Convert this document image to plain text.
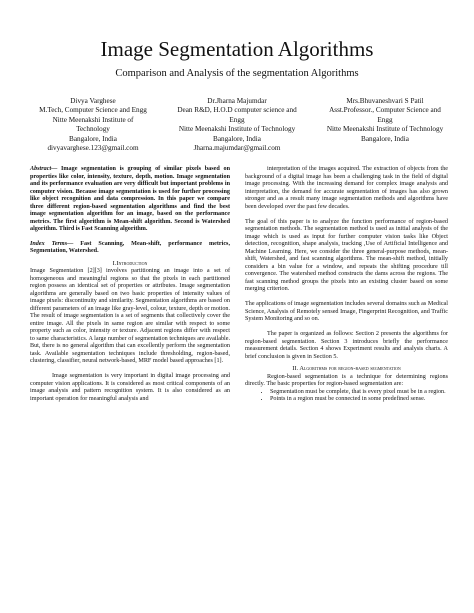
Image Segmentation Algorithms
Comparison and Analysis of the segmentation Algorithms
Divya Varghese
M.Tech, Computer Science and Engg
Nitte Meenakshi Institute of
Technology
Bangalore, India
divyavarghese.123@gmail.com
Dr.Jharna Majumdar
Dean R&D, H.O.D computer science and
Engg
Nitte Meenakshi Institute of Technology
Bangalore, India
Jharna.majumdar@gmail.com
Mrs.Bhuvaneshvari S Patil
Asst.Professor., Computer Science and
Engg
Nitte Meenakshi Institute of Technology
Bangalore, India

Abstract— Image segmentation is grouping of similar pixels based on properties like color, intensity, texture, depth, motion. Image segmentation and its performance evaluation are very difficult but important problems in computer vision. Because image segmentation is used for further processing like object recognition and data compression. In this paper we compare three different region-based segmentation algorithms and find the best image segmentation algorithm for an image, based on the performance metrics. The first algorithm is Mean-shift algorithm. Second is Watershed algorithm. Third is Fast Scanning algorithm.

Index Terms— Fast Scanning, Mean-shift, performance metrics, Segmentation, Watershed.

I.Introduction

Image Segmentation [2][3] involves partitioning an image into a set of homogeneous and meaningful regions so that the pixels in each partitioned region possess an identical set of properties or attributes. Image segmentation algorithms are generally based on two basic properties of intensity values of image pixels: discontinuity and similarity. Segmentation algorithms are based on different parameters of an image like gray-level, colour, texture, depth or motion. The result of image segmentation is a set of segments that collectively cover the entire image. All the pixels in same region are similar with respect to some property such as color, intensity or texture. Adjacent regions differ with respect to same characteristics. A large number of segmentation techniques are available. But, there is no general algorithm that can excellently perform the segmentation task. Available segmentation techniques include thresholding, region-based, clustering, classifier, neural network-based, MRF model based approaches [1].

Image segmentation is very important in digital image processing and computer vision applications. It is considered as most critical components of an image analysis and pattern recognition system. It is also considered as an important operation for meaningful analysis and

interpretation of the images acquired. The extraction of objects from the background of a digital image has been a challenging task in the field of digital image processing. With the increasing demand for complex image analysis and interpretation, the demand for accurate segmentation of images has also grown stronger and as a result many image segmentation methods and algorithms have been developed over the past few decades.

The goal of this paper is to analyze the function performance of region-based segmentation methods. The segmentation method is used as initial analysis of the image which is used as input for further computer vision tasks like Object detection, recognition, shape analysis, tracking ,Use of Artificial Intelligence and Machine Learning. Here, we consider the three general-purpose methods, mean-shift, Watershed, and fast scanning algorithms. The mean-shift method, initially considers a bin value for a window, and repeats the shifting procedure till convergence. The watershed method constructs the dams across the regions. The fast scanning method groups the pixels into an existing cluster based on some merging criterion.

The applications of image segmentation includes several domains such as Medical Science, Analysis of Remotely sensed Image, Fingerprint Recognition, and Traffic System Monitoring and so on.

The paper is organized as follows: Section 2 presents the algorithms for region-based segmentation. Section 3 introduces briefly the performance measurement details. Section 4 shows Experiment results and analysis charts. A brief conclusion is given in Section 5.

II. Algorithms for region-based segmentation

Region-based segmentation is a technique for determining regions directly. The basic properties for region-based segmentation are:

• Segmentation must be complete, that is every pixel must be in a region.
• Points in a region must be connected in some predefined sense.
